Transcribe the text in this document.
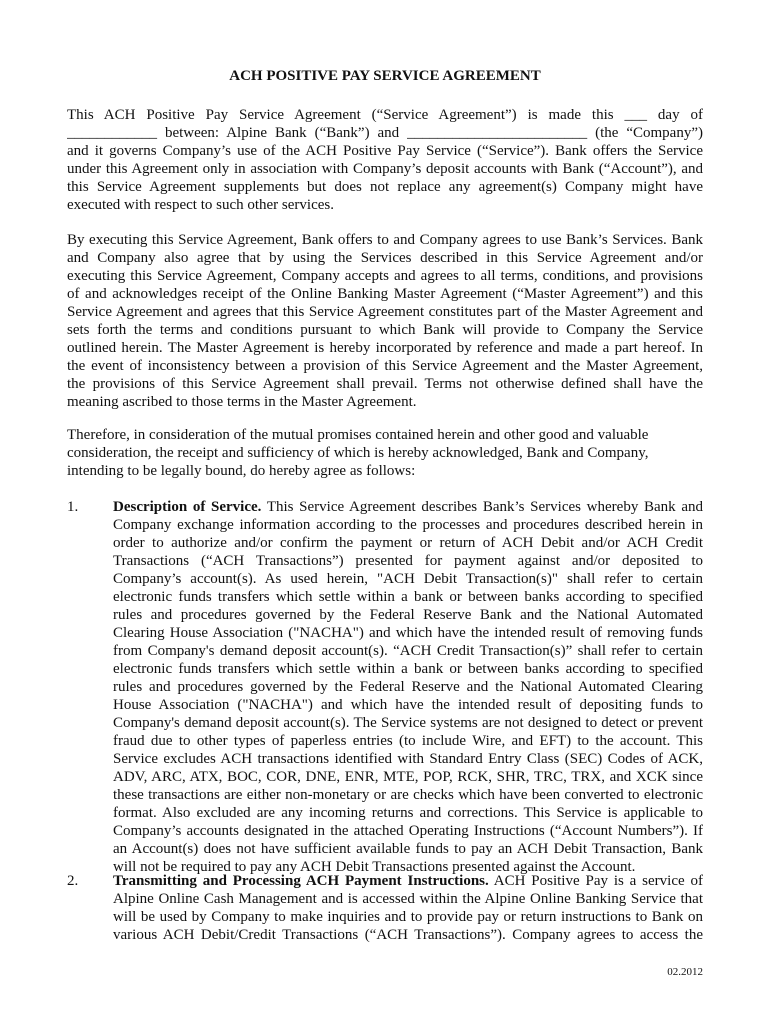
ACH POSITIVE PAY SERVICE AGREEMENT
This ACH Positive Pay Service Agreement (“Service Agreement”) is made this ___ day of
____________ between: Alpine Bank (“Bank”) and ________________________ (the “Company”)
and it governs Company’s use of the ACH Positive Pay Service (“Service”). Bank offers the Service
under this Agreement only in association with Company’s deposit accounts with Bank (“Account”), and
this Service Agreement supplements but does not replace any agreement(s) Company might have
executed with respect to such other services.
By executing this Service Agreement, Bank offers to and Company agrees to use Bank’s Services. Bank
and Company also agree that by using the Services described in this Service Agreement and/or
executing this Service Agreement, Company accepts and agrees to all terms, conditions, and provisions
of and acknowledges receipt of the Online Banking Master Agreement (“Master Agreement”) and this
Service Agreement and agrees that this Service Agreement constitutes part of the Master Agreement and
sets forth the terms and conditions pursuant to which Bank will provide to Company the Service
outlined herein. The Master Agreement is hereby incorporated by reference and made a part hereof. In
the event of inconsistency between a provision of this Service Agreement and the Master Agreement,
the provisions of this Service Agreement shall prevail. Terms not otherwise defined shall have the
meaning ascribed to those terms in the Master Agreement.
Therefore, in consideration of the mutual promises contained herein and other good and valuable
consideration, the receipt and sufficiency of which is hereby acknowledged, Bank and Company,
intending to be legally bound, do hereby agree as follows:
1. Description of Service. This Service Agreement describes Bank’s Services whereby Bank and
Company exchange information according to the processes and procedures described herein in
order to authorize and/or confirm the payment or return of ACH Debit and/or ACH Credit
Transactions (“ACH Transactions”) presented for payment against and/or deposited to
Company’s account(s). As used herein, "ACH Debit Transaction(s)" shall refer to certain
electronic funds transfers which settle within a bank or between banks according to specified
rules and procedures governed by the Federal Reserve Bank and the National Automated
Clearing House Association ("NACHA") and which have the intended result of removing funds
from Company's demand deposit account(s). “ACH Credit Transaction(s)” shall refer to certain
electronic funds transfers which settle within a bank or between banks according to specified
rules and procedures governed by the Federal Reserve and the National Automated Clearing
House Association ("NACHA") and which have the intended result of depositing funds to
Company's demand deposit account(s). The Service systems are not designed to detect or prevent
fraud due to other types of paperless entries (to include Wire, and EFT) to the account. This
Service excludes ACH transactions identified with Standard Entry Class (SEC) Codes of ACK,
ADV, ARC, ATX, BOC, COR, DNE, ENR, MTE, POP, RCK, SHR, TRC, TRX, and XCK since
these transactions are either non-monetary or are checks which have been converted to electronic
format. Also excluded are any incoming returns and corrections. This Service is applicable to
Company’s accounts designated in the attached Operating Instructions (“Account Numbers”). If
an Account(s) does not have sufficient available funds to pay an ACH Debit Transaction, Bank
will not be required to pay any ACH Debit Transactions presented against the Account.
2. Transmitting and Processing ACH Payment Instructions. ACH Positive Pay is a service of
Alpine Online Cash Management and is accessed within the Alpine Online Banking Service that
will be used by Company to make inquiries and to provide pay or return instructions to Bank on
various ACH Debit/Credit Transactions (“ACH Transactions”). Company agrees to access the
02.2012
